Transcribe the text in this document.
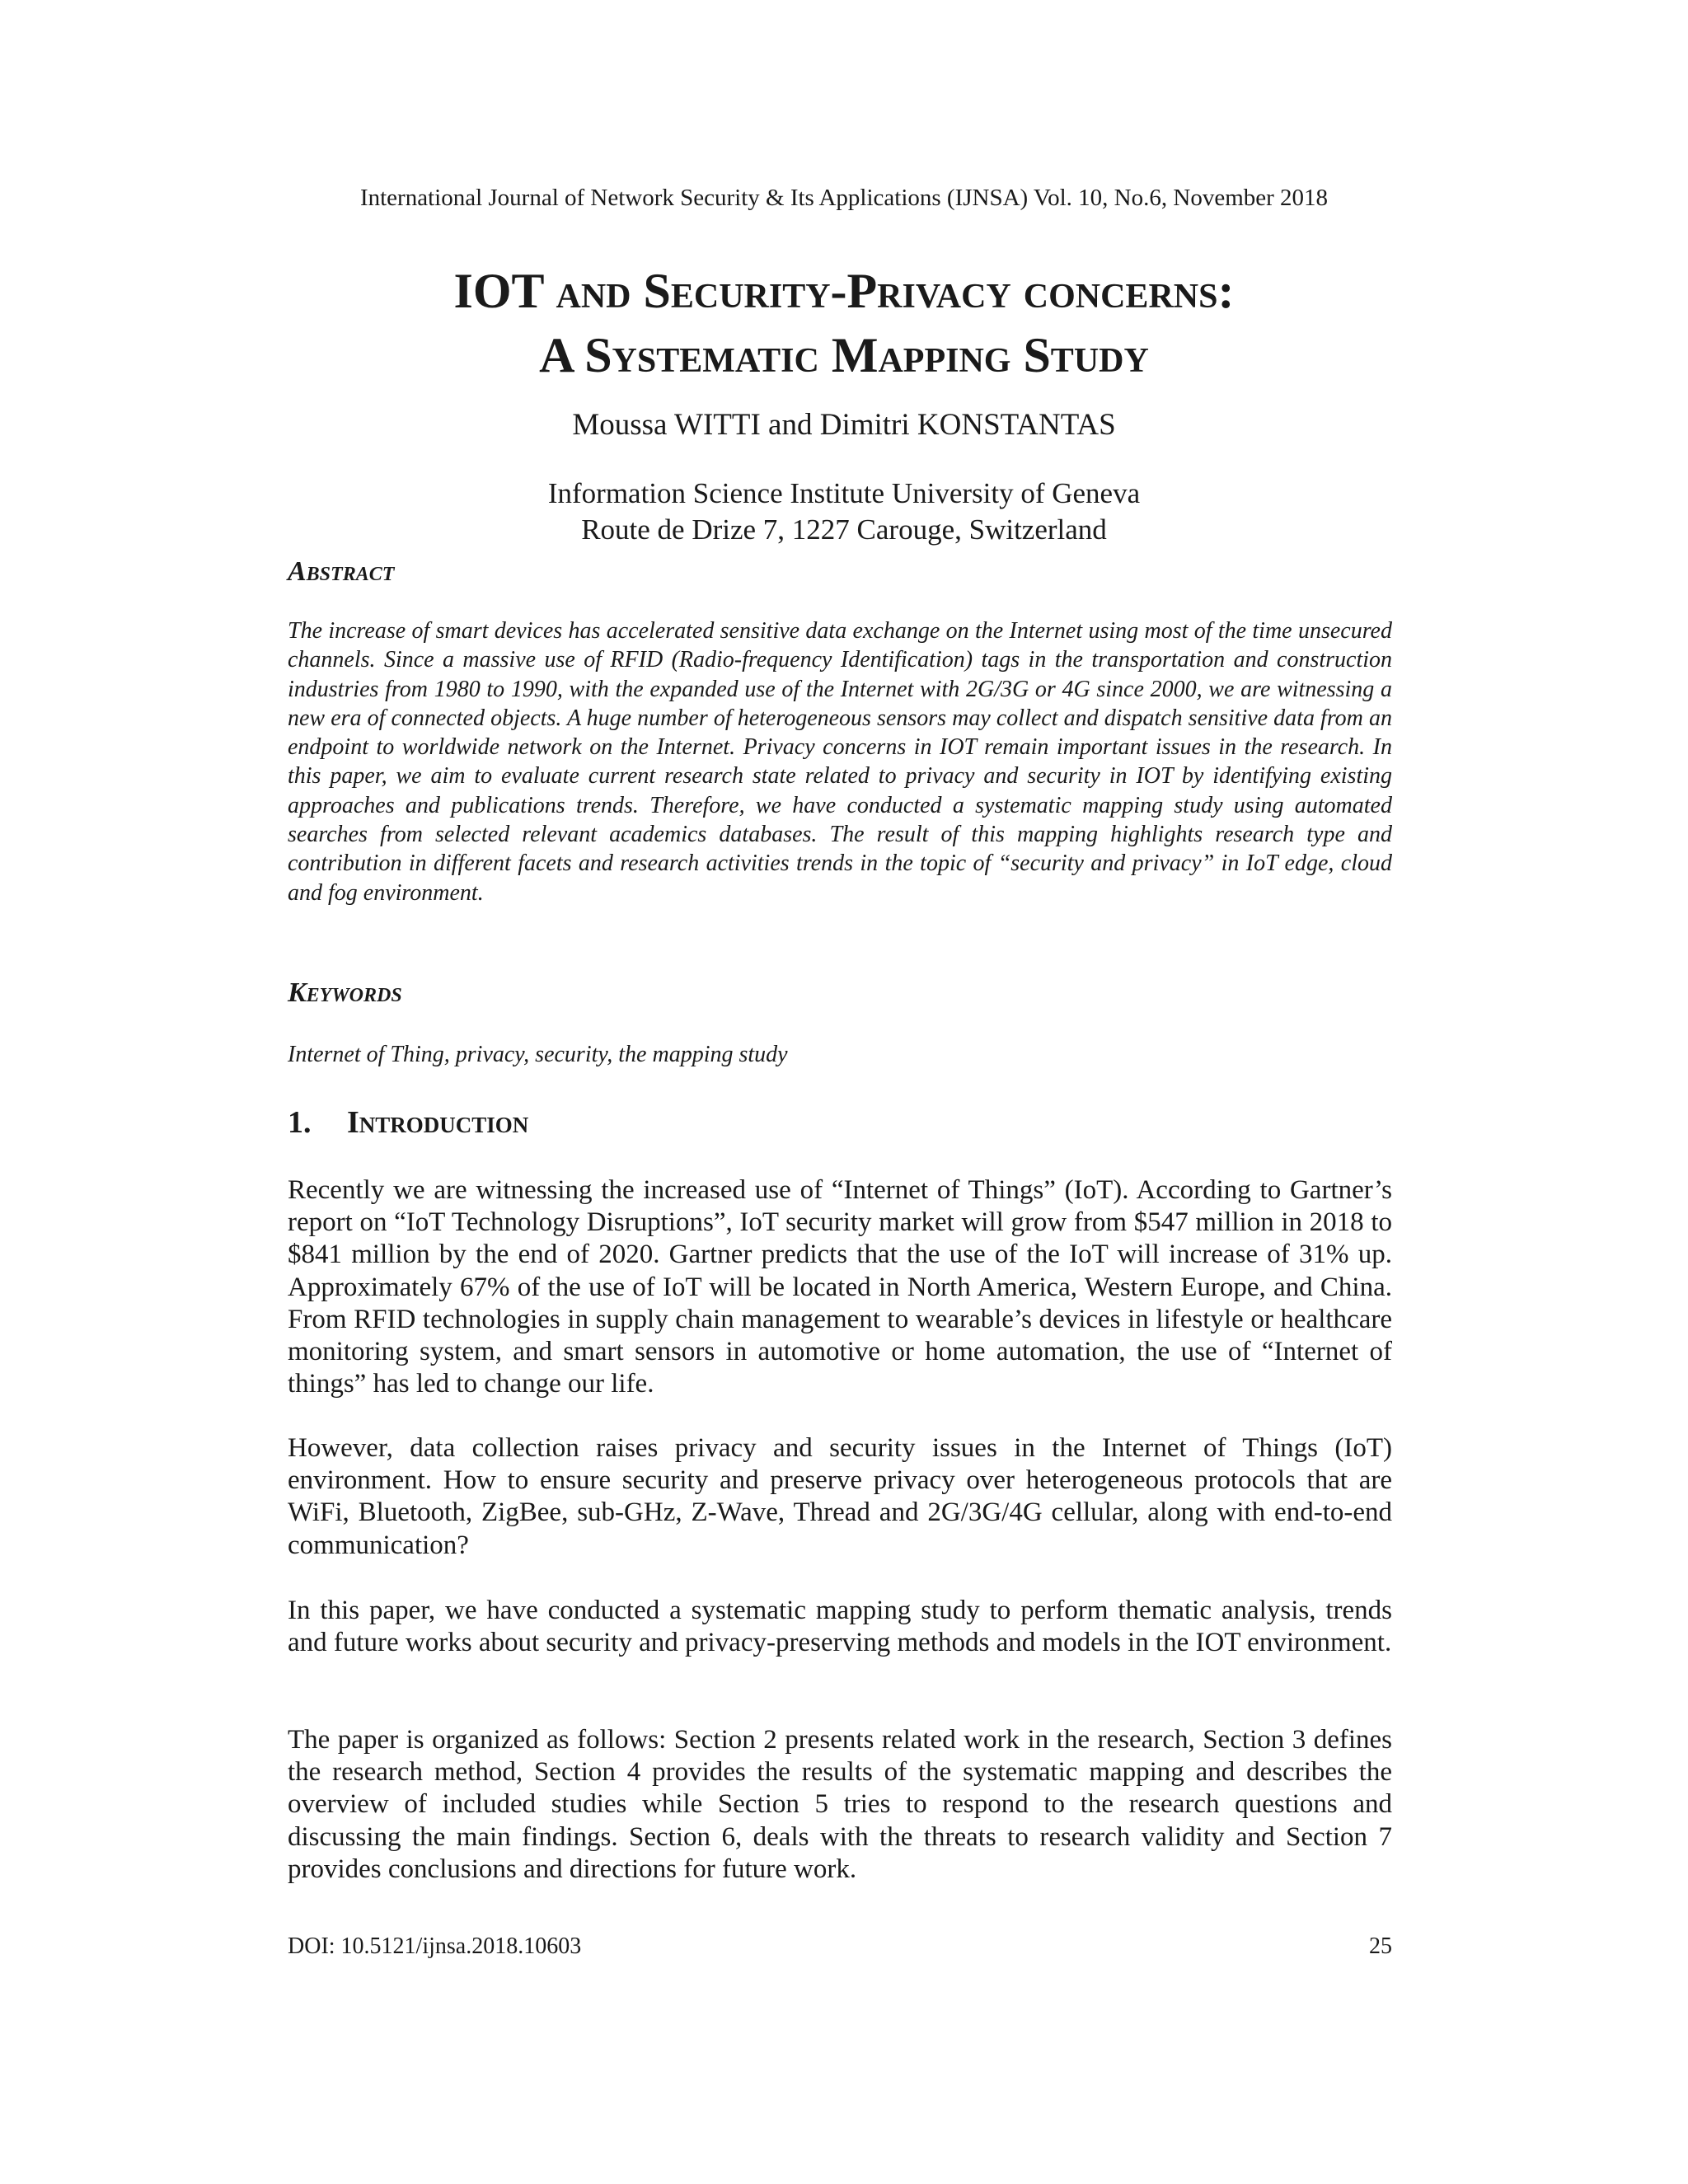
International Journal of Network Security & Its Applications (IJNSA) Vol. 10, No.6, November 2018
IOT and Security-Privacy concerns:
A Systematic Mapping Study
Moussa WITTI and Dimitri KONSTANTAS
Information Science Institute University of Geneva
Route de Drize 7, 1227 Carouge, Switzerland
Abstract
The increase of smart devices has accelerated sensitive data exchange on the Internet using most of the time unsecured channels. Since a massive use of RFID (Radio-frequency Identification) tags in the transportation and construction industries from 1980 to 1990, with the expanded use of the Internet with 2G/3G or 4G since 2000, we are witnessing a new era of connected objects. A huge number of heterogeneous sensors may collect and dispatch sensitive data from an endpoint to worldwide network on the Internet. Privacy concerns in IOT remain important issues in the research. In this paper, we aim to evaluate current research state related to privacy and security in IOT by identifying existing approaches and publications trends. Therefore, we have conducted a systematic mapping study using automated searches from selected relevant academics databases. The result of this mapping highlights research type and contribution in different facets and research activities trends in the topic of “security and privacy” in IoT edge, cloud and fog environment.
Keywords
Internet of Thing, privacy, security, the mapping study
1. Introduction
Recently we are witnessing the increased use of “Internet of Things” (IoT). According to Gartner’s report on “IoT Technology Disruptions”, IoT security market will grow from $547 million in 2018 to $841 million by the end of 2020. Gartner predicts that the use of the IoT will increase of 31% up. Approximately 67% of the use of IoT will be located in North America, Western Europe, and China. From RFID technologies in supply chain management to wearable’s devices in lifestyle or healthcare monitoring system, and smart sensors in automotive or home automation, the use of “Internet of things” has led to change our life.
However, data collection raises privacy and security issues in the Internet of Things (IoT) environment. How to ensure security and preserve privacy over heterogeneous protocols that are WiFi, Bluetooth, ZigBee, sub-GHz, Z-Wave, Thread and 2G/3G/4G cellular, along with end-to-end communication?
In this paper, we have conducted a systematic mapping study to perform thematic analysis, trends and future works about security and privacy-preserving methods and models in the IOT environment.
The paper is organized as follows: Section 2 presents related work in the research, Section 3 defines the research method, Section 4 provides the results of the systematic mapping and describes the overview of included studies while Section 5 tries to respond to the research questions and discussing the main findings. Section 6, deals with the threats to research validity and Section 7 provides conclusions and directions for future work.
DOI: 10.5121/ijnsa.2018.10603	25
